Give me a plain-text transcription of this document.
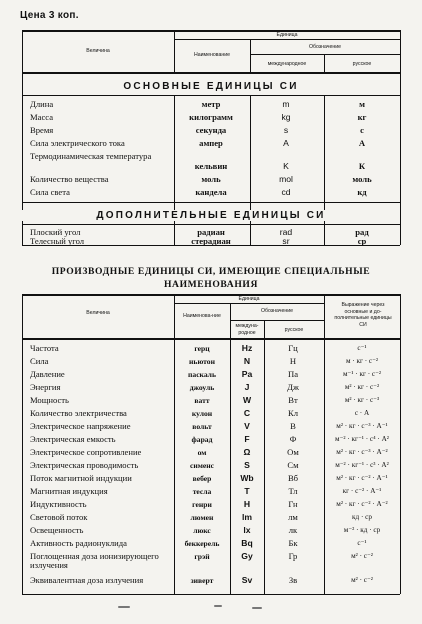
Цена 3 коп.
Величина
Единица
Наименование
Обозначение
международное	русское
ОСНОВНЫЕ ЕДИНИЦЫ СИ
Длина	метр	m	м
Масса	килограмм	kg	кг
Время	секунда	s	с
Сила электрического тока	ампер	A	А
Термодинамическая температура
кельвин	K	К
Количество вещества	моль	mol	моль
Сила света	кандела	cd	кд
ДОПОЛНИТЕЛЬНЫЕ ЕДИНИЦЫ СИ
Плоский угол	радиан	rad	рад
Телесный угол	стерадиан	sr	ср
ПРОИЗВОДНЫЕ ЕДИНИЦЫ СИ, ИМЕЮЩИЕ СПЕЦИАЛЬНЫЕ
НАИМЕНОВАНИЯ
Величина
Единица
Наименова-ние
Обозначение
междуна-родное	русское
Выражение через основные и до-полнительные единицы СИ
Частота	герц	Hz	Гц	с⁻¹
Сила	ньютон	N	Н	м · кг · с⁻²
Давление	паскаль	Pa	Па	м⁻¹ · кг · с⁻²
Энергия	джоуль	J	Дж	м² · кг · с⁻²
Мощность	ватт	W	Вт	м² · кг · с⁻³
Количество электричества	кулон	C	Кл	с · А
Электрическое напряжение	вольт	V	В	м² · кг · с⁻³ · А⁻¹
Электрическая емкость	фарад	F	Ф	м⁻² · кг⁻¹ · с⁴ · А²
Электрическое сопротивление	ом	Ω	Ом	м² · кг · с⁻³ · А⁻²
Электрическая проводимость	сименс	S	См	м⁻² · кг⁻¹ · с³ · А²
Поток магнитной индукции	вебер	Wb	Вб	м² · кг · с⁻² · А⁻¹
Магнитная индукция	тесла	T	Тл	кг · с⁻² · А⁻¹
Индуктивность	генри	H	Гн	м² · кг · с⁻² · А⁻²
Световой поток	люмен	lm	лм	кд · ср
Освещенность	люкс	lx	лк	м⁻² · кд · ср
Активность радионуклида	беккерель	Bq	Бк	с⁻¹
Поглощенная доза ионизирующего излучения
грэй	Gy	Гр	м² · с⁻²
Эквивалентная доза излучения	зиверт	Sv	Зв	м² · с⁻²
